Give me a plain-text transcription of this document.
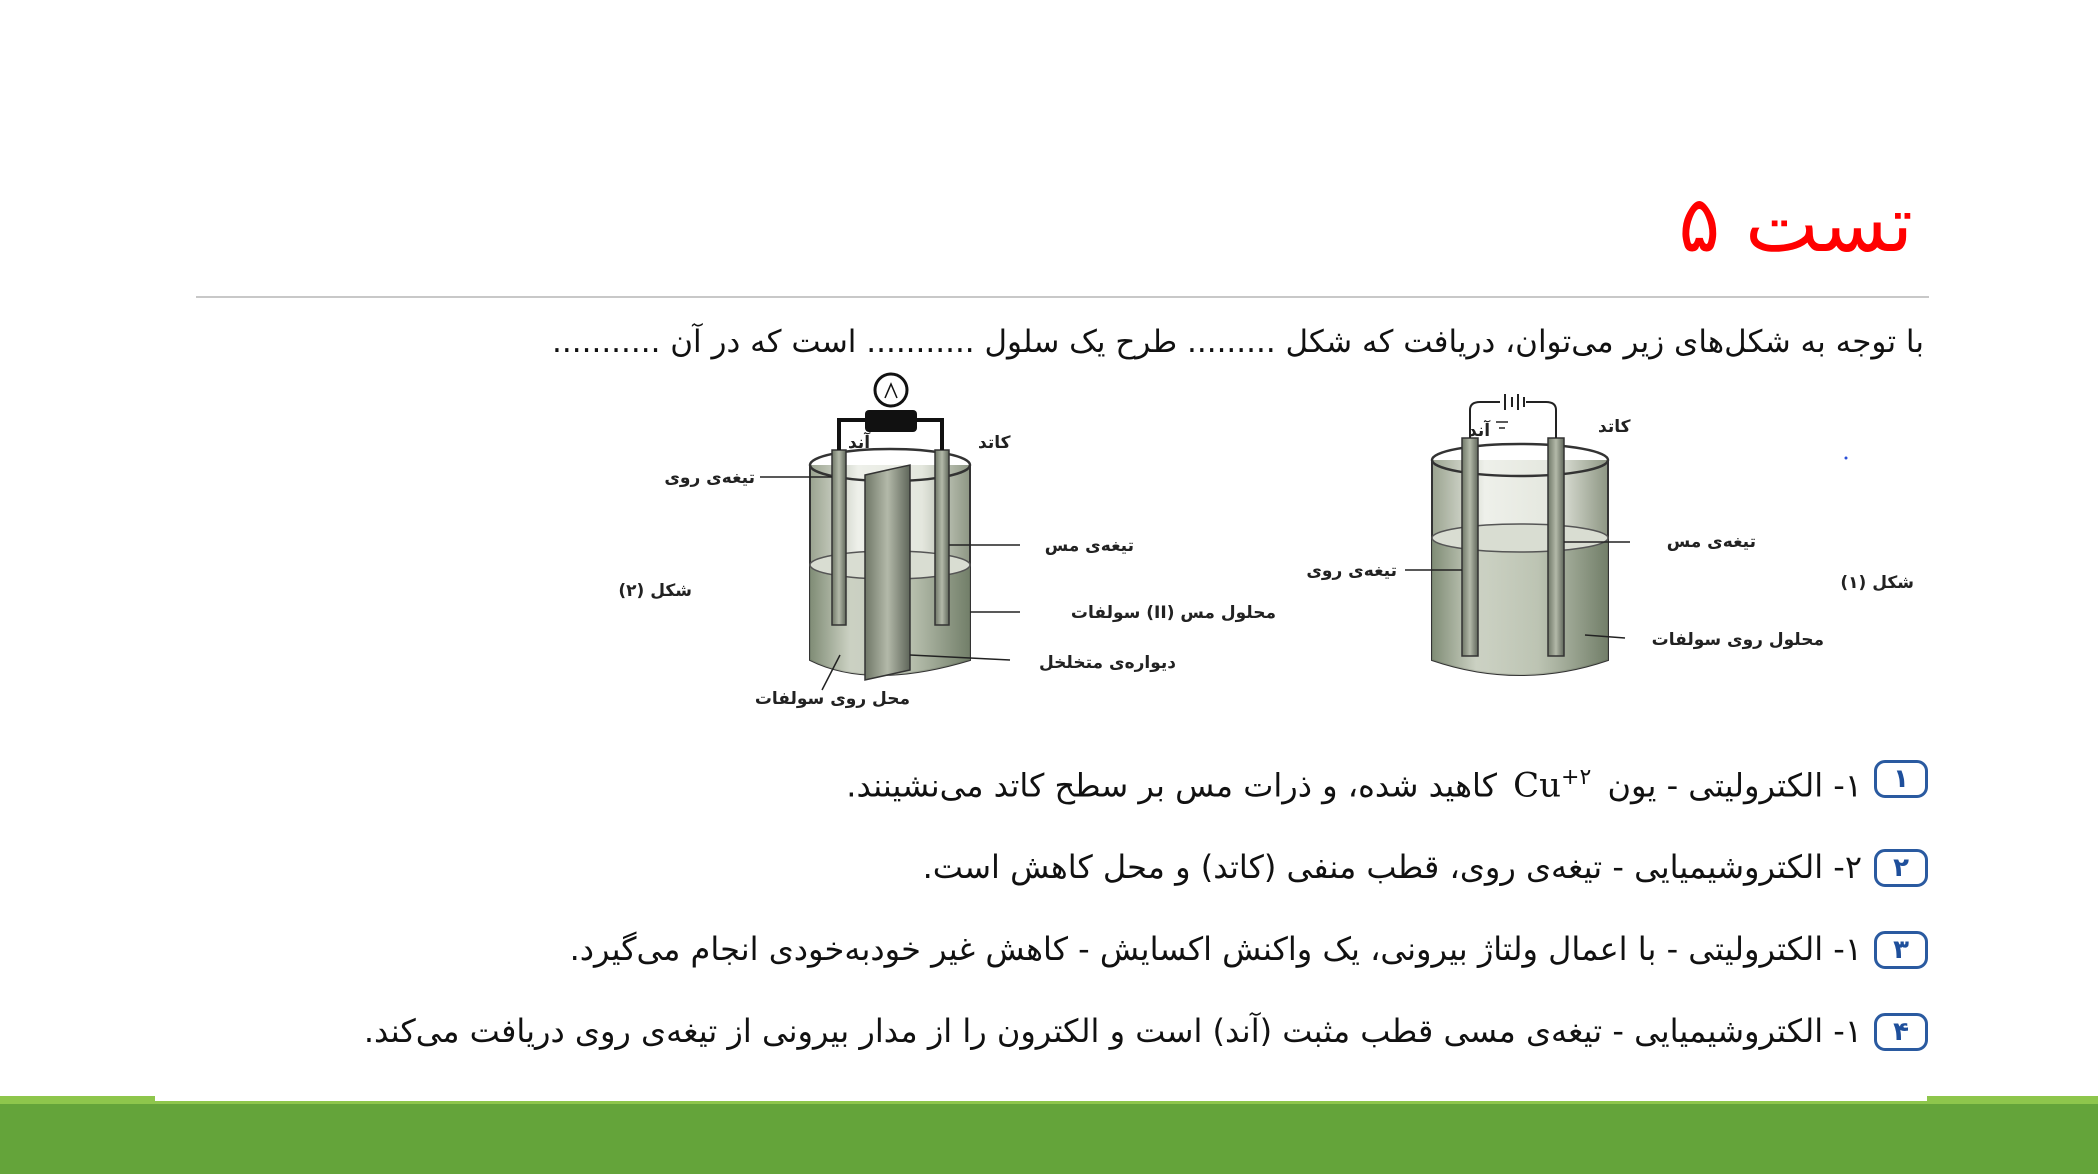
تست ۵
با توجه به شکل‌های زیر می‌توان، دریافت که شکل ......... طرح یک سلول ........... است که در آن ...........
آند	کاتد
تیغه‌ی روی
تیغه‌ی مس
محلول مس (II) سولفات
دیواره‌ی متخلخل
محل روی سولفات
شکل (۲)
آند	کاتد
تیغه‌ی مس
تیغه‌ی روی
محلول روی سولفات
شکل (۱)
۱
۱- الکترولیتی - یون $Cu^{+۲}$ کاهید شده، و ذرات مس بر سطح کاتد می‌نشینند.
۲
۲- الکتروشیمیایی - تیغه‌ی روی، قطب منفی (کاتد) و محل کاهش است.
۳
۱- الکترولیتی - با اعمال ولتاژ بیرونی، یک واکنش اکسایش - کاهش غیر خودبه‌خودی انجام می‌گیرد.
۴
۱- الکتروشیمیایی - تیغه‌ی مسی قطب مثبت (آند) است و الکترون را از مدار بیرونی از تیغه‌ی روی دریافت می‌کند.
